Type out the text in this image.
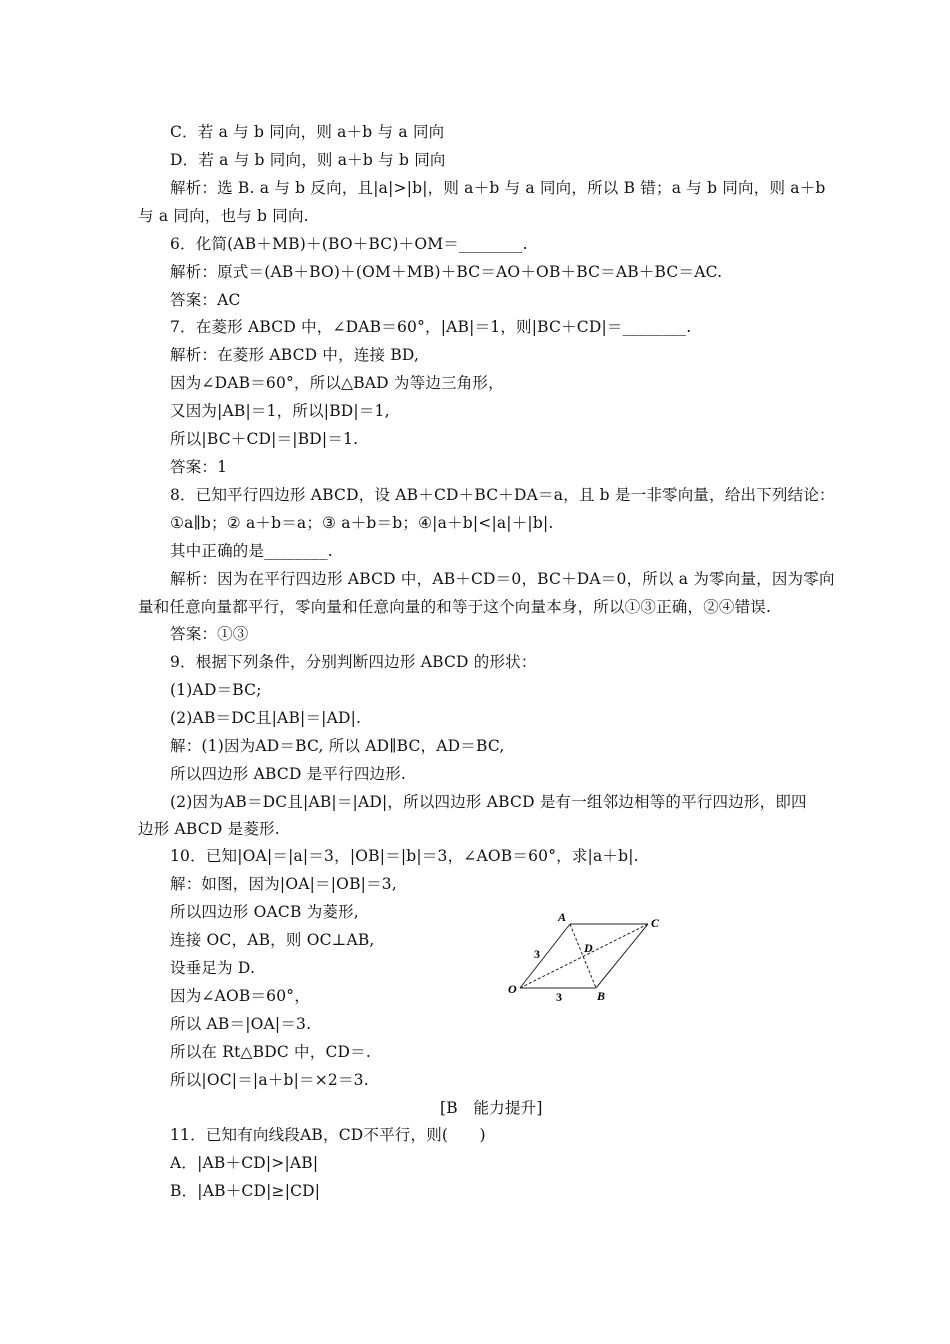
C．若 a 与 b 同向，则 a＋b 与 a 同向
D．若 a 与 b 同向，则 a＋b 与 b 同向
解析：选 B. a 与 b 反向，且|a|>|b|，则 a＋b 与 a 同向，所以 B 错；a 与 b 同向，则 a＋b
与 a 同向，也与 b 同向.
6．化简(AB＋MB)＋(BO＋BC)＋OM＝________.
解析：原式＝(AB＋BO)＋(OM＋MB)＋BC＝AO＋OB＋BC＝AB＋BC＝AC.
答案：AC
7．在菱形 ABCD 中，∠DAB＝60°，|AB|＝1，则|BC＋CD|＝________.
解析：在菱形 ABCD 中，连接 BD,
因为∠DAB＝60°，所以△BAD 为等边三角形，
又因为|AB|＝1，所以|BD|＝1,
所以|BC＋CD|＝|BD|＝1.
答案：1
8．已知平行四边形 ABCD，设 AB＋CD＋BC＋DA＝a，且 b 是一非零向量，给出下列结论：
①a∥b；② a＋b＝a；③ a＋b＝b；④|a＋b|<|a|＋|b|.
其中正确的是________.
解析：因为在平行四边形 ABCD 中，AB＋CD＝0，BC＋DA＝0，所以 a 为零向量，因为零向
量和任意向量都平行，零向量和任意向量的和等于这个向量本身，所以①③正确，②④错误.
答案：①③
9．根据下列条件，分别判断四边形 ABCD 的形状：
(1)AD＝BC;
(2)AB＝DC且|AB|＝|AD|.
解：(1)因为AD＝BC, 所以 AD∥BC，AD＝BC,
所以四边形 ABCD 是平行四边形.
(2)因为AB＝DC且|AB|＝|AD|，所以四边形 ABCD 是有一组邻边相等的平行四边形，即四
边形 ABCD 是菱形.
10．已知|OA|＝|a|＝3，|OB|＝|b|＝3，∠AOB＝60°，求|a＋b|.
解：如图，因为|OA|＝|OB|＝3,
所以四边形 OACB 为菱形,
连接 OC，AB，则 OC⊥AB,
设垂足为 D.
因为∠AOB＝60°，
所以 AB＝|OA|＝3.
所以在 Rt△BDC 中，CD＝.
所以|OC|＝|a＋b|＝×2＝3.
[B　能力提升]
11．已知有向线段AB，CD不平行，则(　　)
A．|AB＋CD|>|AB|
B．|AB＋CD|≥|CD|
A	C
D
O	B
3
3
